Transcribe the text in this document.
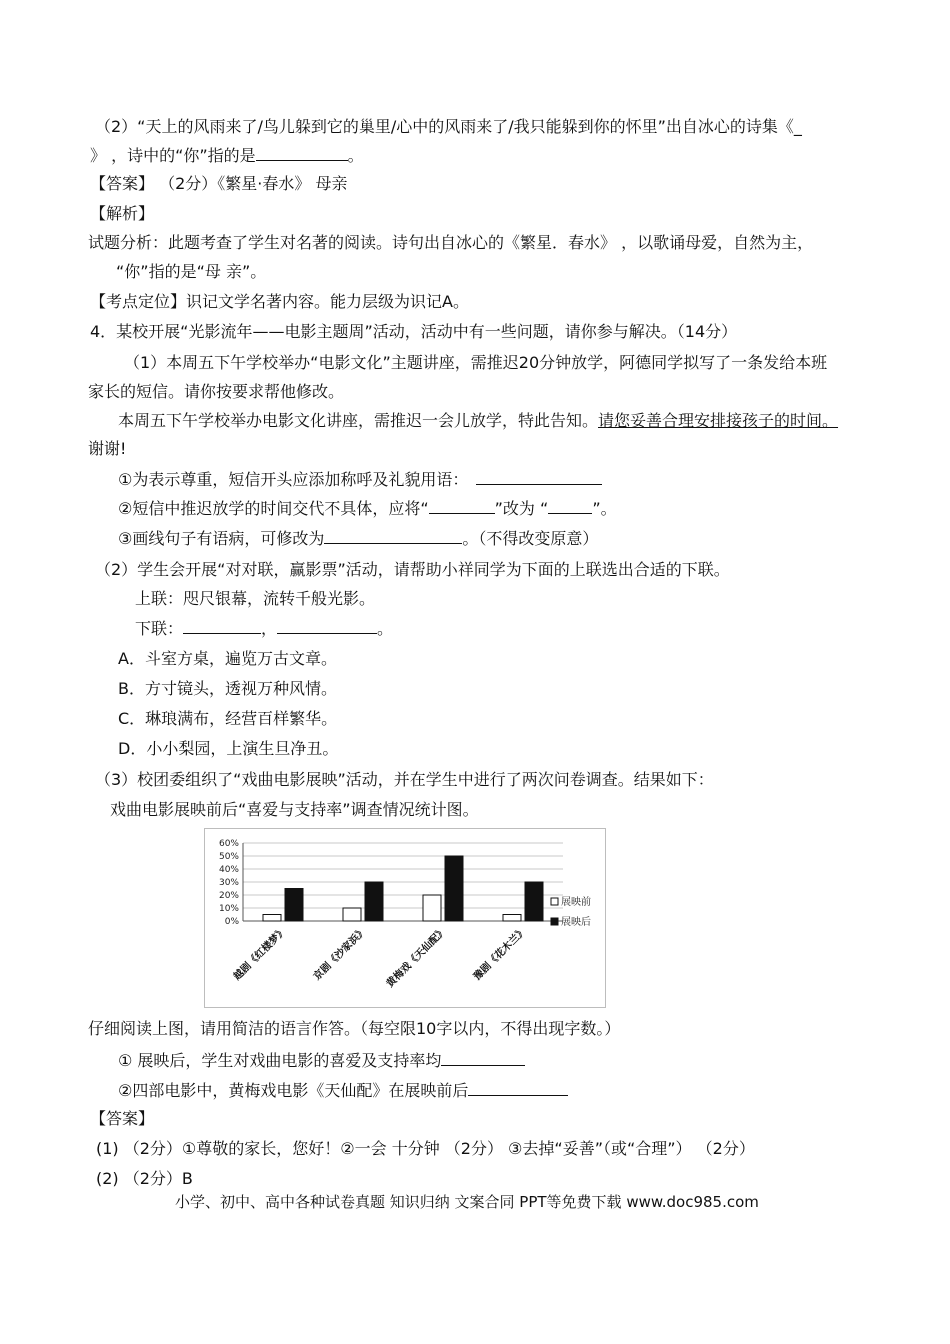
（2）“天上的风雨来了/鸟儿躲到它的巢里/心中的风雨来了/我只能躲到你的怀里”出自冰心的诗集《_
》 ，诗中的“你”指的是	。
【答案】 （2分）《繁星·春水》 母亲
【解析】
试题分析：此题考查了学生对名著的阅读。诗句出自冰心的《繁星．春水》 ，以歌诵母爱，自然为主，
“你”指的是“母 亲”。
【考点定位】识记文学名著内容。能力层级为识记A。
4．某校开展“光影流年——电影主题周”活动，活动中有一些问题，请你参与解决。（14分）
（1）本周五下午学校举办“电影文化”主题讲座，需推迟20分钟放学，阿德同学拟写了一条发给本班
家长的短信。请你按要求帮他修改。
本周五下午学校举办电影文化讲座，需推迟一会儿放学，特此告知。请您妥善合理安排接孩子的时间。
谢谢!
①为表示尊重，短信开头应添加称呼及礼貌用语：
②短信中推迟放学的时间交代不具体，应将“	”改为 “	”。
③画线句子有语病，可修改为	。（不得改变原意）
（2）学生会开展“对对联，赢影票”活动，请帮助小祥同学为下面的上联选出合适的下联。
上联：咫尺银幕，流转千般光影。
下联：	，	。
A．斗室方桌，遍览万古文章。
B．方寸镜头，透视万种风情。
C．琳琅满布，经营百样繁华。
D．小小梨园，上演生旦净丑。
（3）校团委组织了“戏曲电影展映”活动，并在学生中进行了两次问卷调查。结果如下：
戏曲电影展映前后“喜爱与支持率”调查情况统计图。
0%
10%
20%
30%
40%
50%
60%
越剧《红楼梦》 京剧《沙家浜》 黄梅戏《天仙配》 豫剧《花木兰》
展映前
展映后
仔细阅读上图，请用简洁的语言作答。（每空限10字以内，不得出现字数。）
① 展映后，学生对戏曲电影的喜爱及支持率均
②四部电影中，黄梅戏电影《天仙配》在展映前后
【答案】
(1) （2分）①尊敬的家长，您好！②一会 十分钟 （2分） ③去掉“妥善”（或“合理”） （2分）
(2) （2分）B
小学、初中、高中各种试卷真题 知识归纳 文案合同 PPT等免费下载 www.doc985.com
